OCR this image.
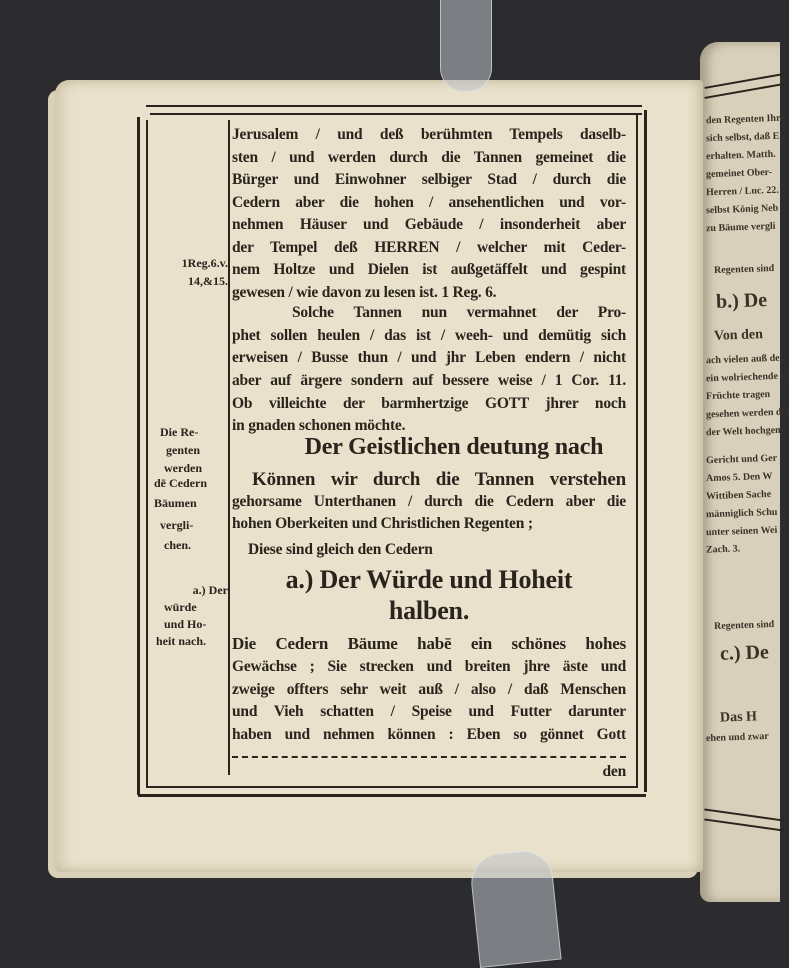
den Regenten Ihre
sich selbst, daß E
erhalten. Matth.
gemeinet Ober-
Herren / Luc. 22.
selbst König Neb
zu Bäume vergli
Regenten sind
b.) De
Von den
ach vielen auß de
ein wolriechende u
Früchte tragen
gesehen werden die
der Welt hochgem
Gericht und Ger
Amos 5. Den W
Wittiben Sache
männiglich Schu
unter seinen Wei
Zach. 3.
Regenten sind
c.) De
Das H
ehen und zwar
Jerusalem / und deß berühmten Tempels daselb-
sten / und werden durch die Tannen gemeinet die
Bürger und Einwohner selbiger Stad / durch die
Cedern aber die hohen / ansehentlichen und vor-
nehmen Häuser und Gebäude / insonderheit aber
der Tempel deß HERREN / welcher mit Ceder-
nem Holtze und Dielen ist außgetäffelt und gespint
gewesen / wie davon zu lesen ist. 1 Reg. 6.
Solche Tannen nun vermahnet der Pro-
phet sollen heulen / das ist / weeh- und demütig sich
erweisen / Busse thun / und jhr Leben endern / nicht
aber auf ärgere sondern auf bessere weise / 1 Cor. 11.
Ob villeichte der barmhertzige GOTT jhrer noch
in gnaden schonen möchte.
Der Geistlichen deutung nach
Können wir durch die Tannen verstehen
gehorsame Unterthanen / durch die Cedern aber die
hohen Oberkeiten und Christlichen Regenten ;
Diese sind gleich den Cedern
a.) Der Würde und Hoheit
halben.
Die Cedern Bäume habē ein schönes hohes
Gewächse ; Sie strecken und breiten jhre äste und
zweige offters sehr weit auß / also / daß Menschen
und Vieh schatten / Speise und Futter darunter
haben und nehmen können : Eben so gönnet Gott
den
1Reg.6.v.
14,&15.
Die Re-
genten
werden
dē Cedern
Bäumen
vergli-
chen.
a.) Der
würde
und Ho-
heit nach.
